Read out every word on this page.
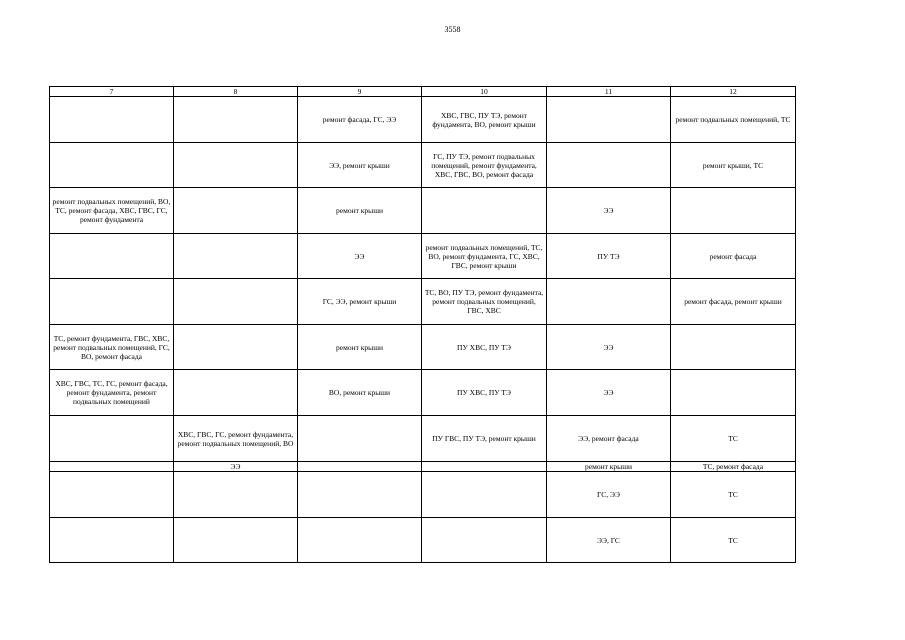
3558
7	8	9	10	11	12
		ремонт фасада, ГС, ЭЭ	ХВС, ГВС, ПУ ТЭ, ремонт фундамента, ВО, ремонт крыши		ремонт подвальных помещений, ТС
		ЭЭ, ремонт крыши	ГС, ПУ ТЭ, ремонт подвальных помещений, ремонт фундамента, ХВС, ГВС, ВО, ремонт фасада		ремонт крыши, ТС
ремонт подвальных помещений, ВО, ТС, ремонт фасада, ХВС, ГВС, ГС, ремонт фундамента		ремонт крыши		ЭЭ	
		ЭЭ	ремонт подвальных помещений, ТС, ВО, ремонт фундамента, ГС, ХВС, ГВС, ремонт крыши	ПУ ТЭ	ремонт фасада
		ГС, ЭЭ, ремонт крыши	ТС, ВО, ПУ ТЭ, ремонт фундамента, ремонт подвальных помещений, ГВС, ХВС		ремонт фасада, ремонт крыши
ТС, ремонт фундамента, ГВС, ХВС, ремонт подвальных помещений, ГС, ВО, ремонт фасада		ремонт крыши	ПУ ХВС, ПУ ТЭ	ЭЭ	
ХВС, ГВС, ТС, ГС, ремонт фасада, ремонт фундамента, ремонт подвальных помещений		ВО, ремонт крыши	ПУ ХВС, ПУ ТЭ	ЭЭ	
	ХВС, ГВС, ГС, ремонт фундамента, ремонт подвальных помещений, ВО		ПУ ГВС, ПУ ТЭ, ремонт крыши	ЭЭ, ремонт фасада	ТС
	ЭЭ			ремонт крыши	ТС, ремонт фасада
				ГС, ЭЭ	ТС
				ЭЭ, ГС	ТС
